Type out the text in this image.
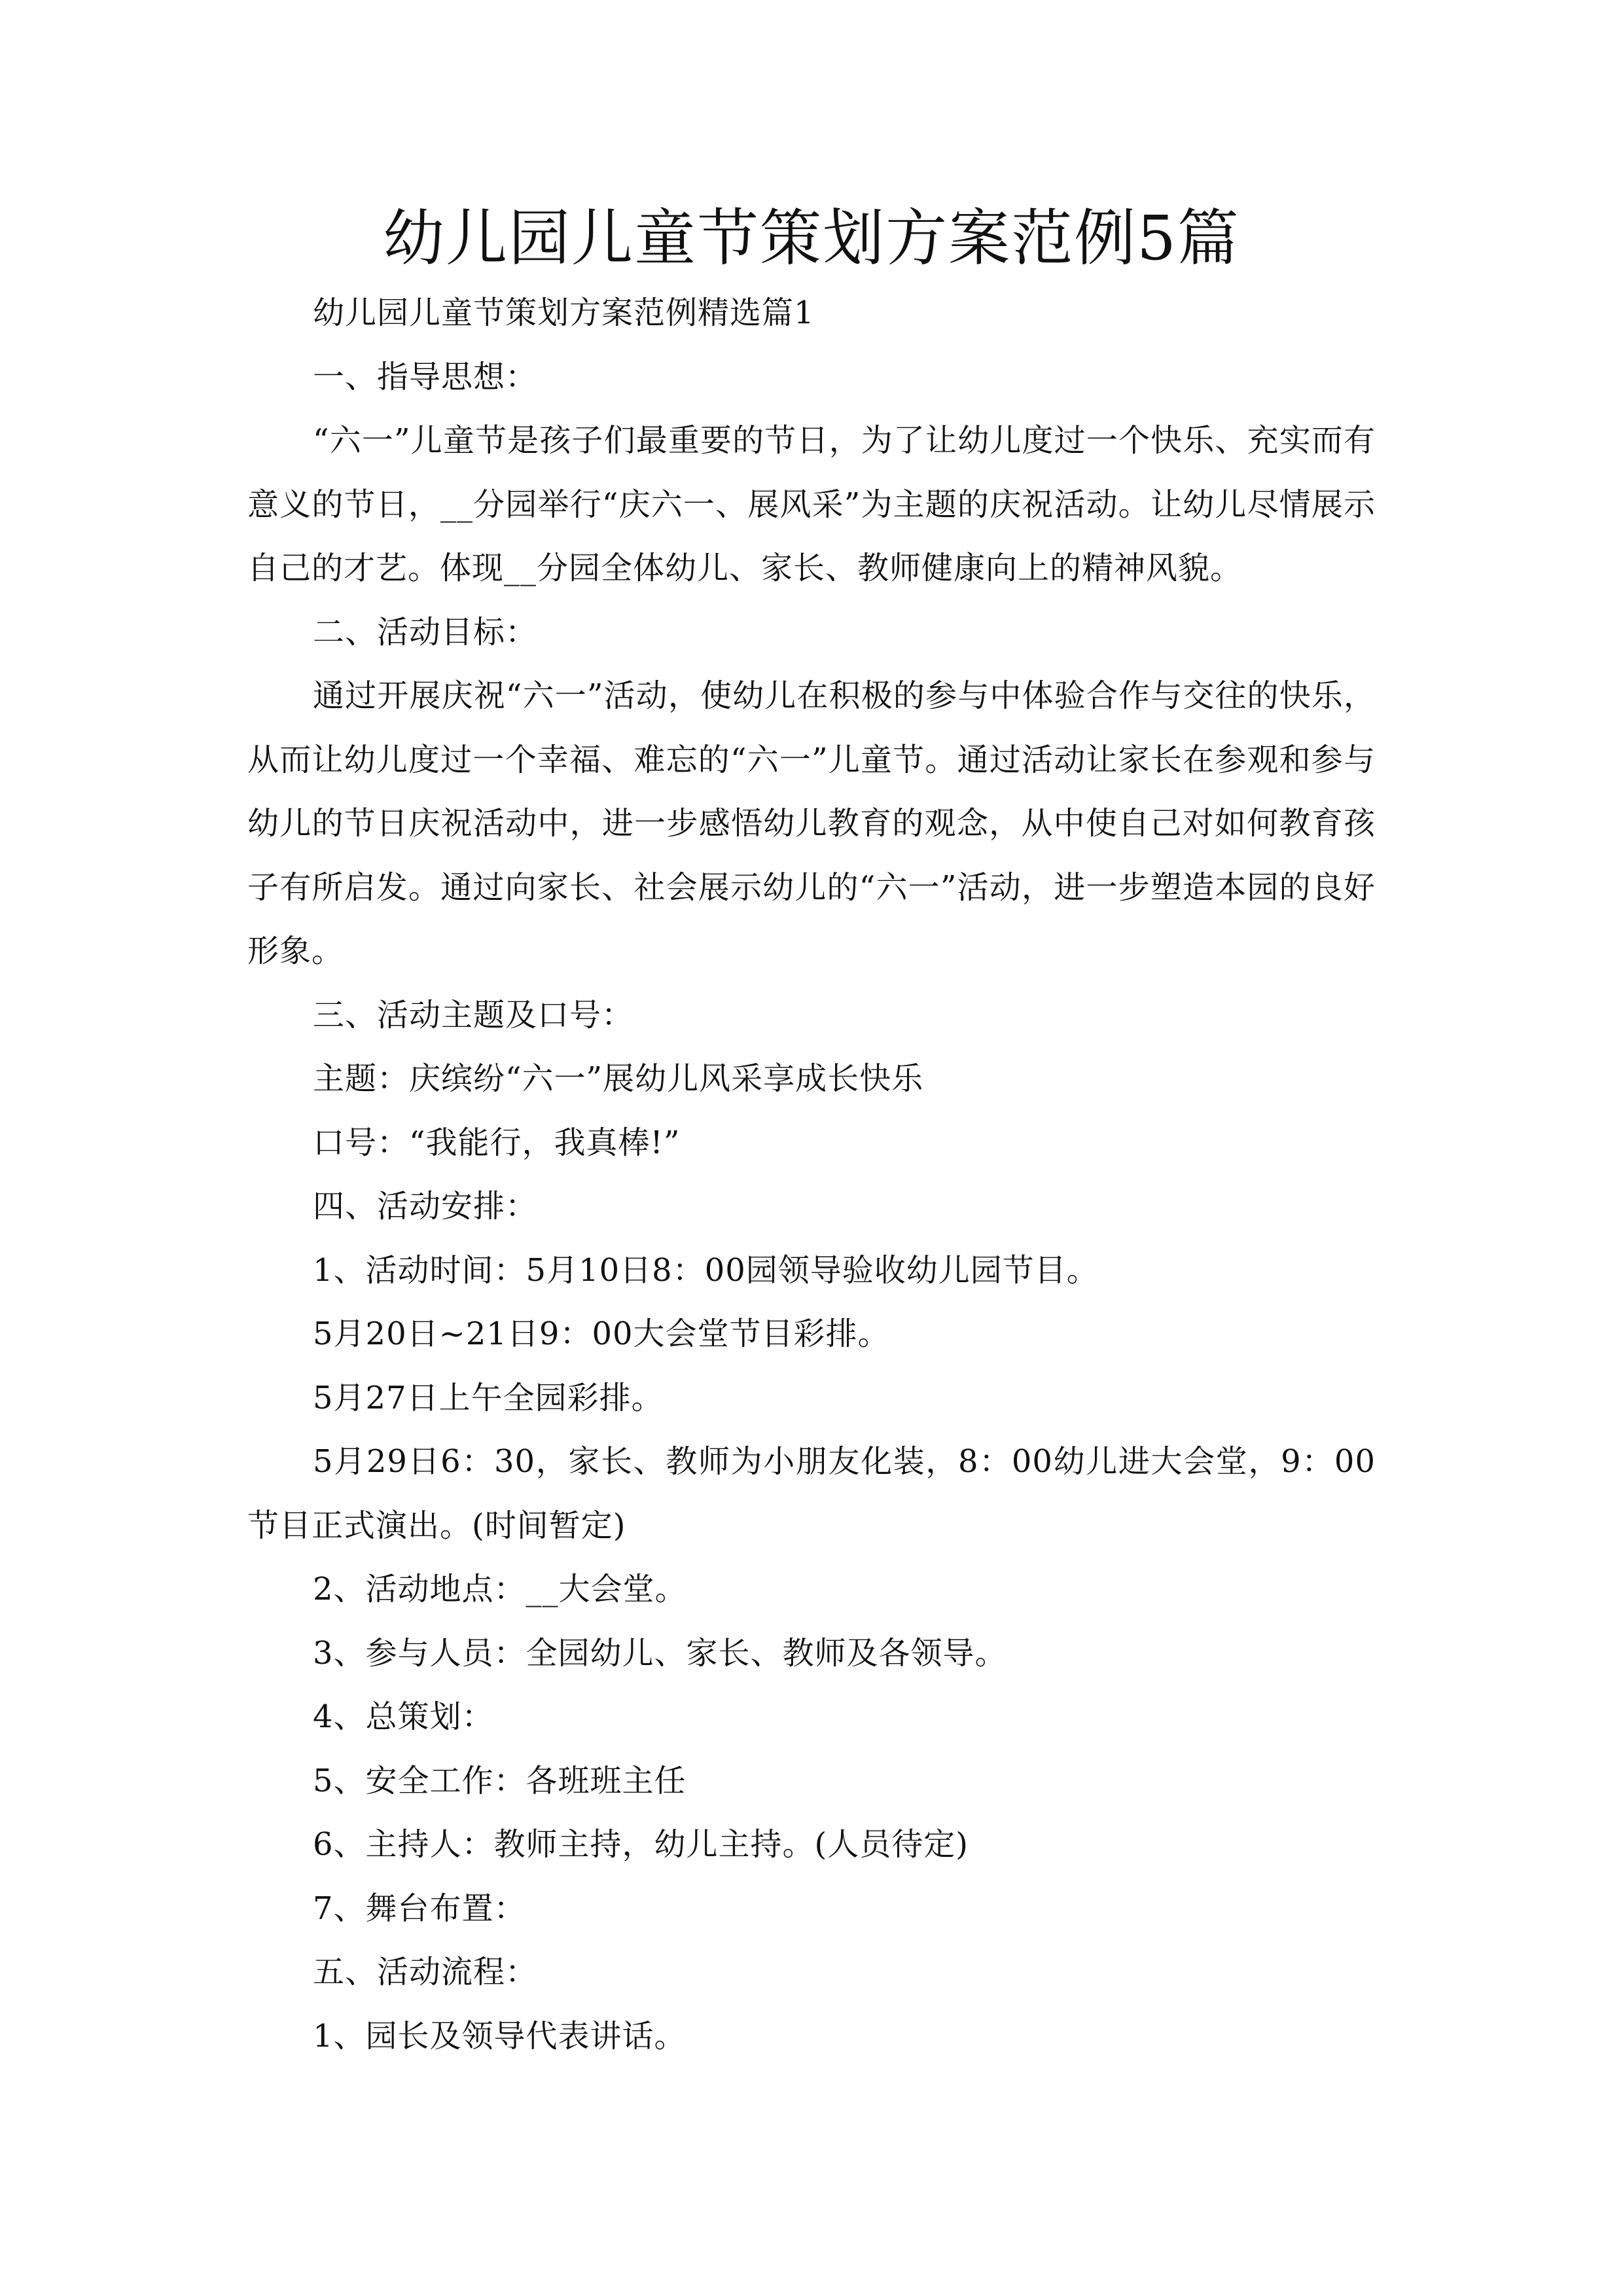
幼儿园儿童节策划方案范例5篇

幼儿园儿童节策划方案范例精选篇1

一、指导思想：

“六一”儿童节是孩子们最重要的节日，为了让幼儿度过一个快乐、充实而有意义的节日，__分园举行“庆六一、展风采”为主题的庆祝活动。让幼儿尽情展示自己的才艺。体现__分园全体幼儿、家长、教师健康向上的精神风貌。

二、活动目标：

通过开展庆祝“六一”活动，使幼儿在积极的参与中体验合作与交往的快乐，从而让幼儿度过一个幸福、难忘的“六一”儿童节。通过活动让家长在参观和参与幼儿的节日庆祝活动中，进一步感悟幼儿教育的观念，从中使自己对如何教育孩子有所启发。通过向家长、社会展示幼儿的“六一”活动，进一步塑造本园的良好形象。

三、活动主题及口号：

主题：庆缤纷“六一”展幼儿风采享成长快乐

口号：“我能行，我真棒!”

四、活动安排：

1、活动时间：5月10日8：00园领导验收幼儿园节目。

5月20日~21日9：00大会堂节目彩排。

5月27日上午全园彩排。

5月29日6：30，家长、教师为小朋友化装，8：00幼儿进大会堂，9：00节目正式演出。(时间暂定)

2、活动地点：__大会堂。

3、参与人员：全园幼儿、家长、教师及各领导。

4、总策划：

5、安全工作：各班班主任

6、主持人：教师主持，幼儿主持。(人员待定)

7、舞台布置：

五、活动流程：

1、园长及领导代表讲话。
